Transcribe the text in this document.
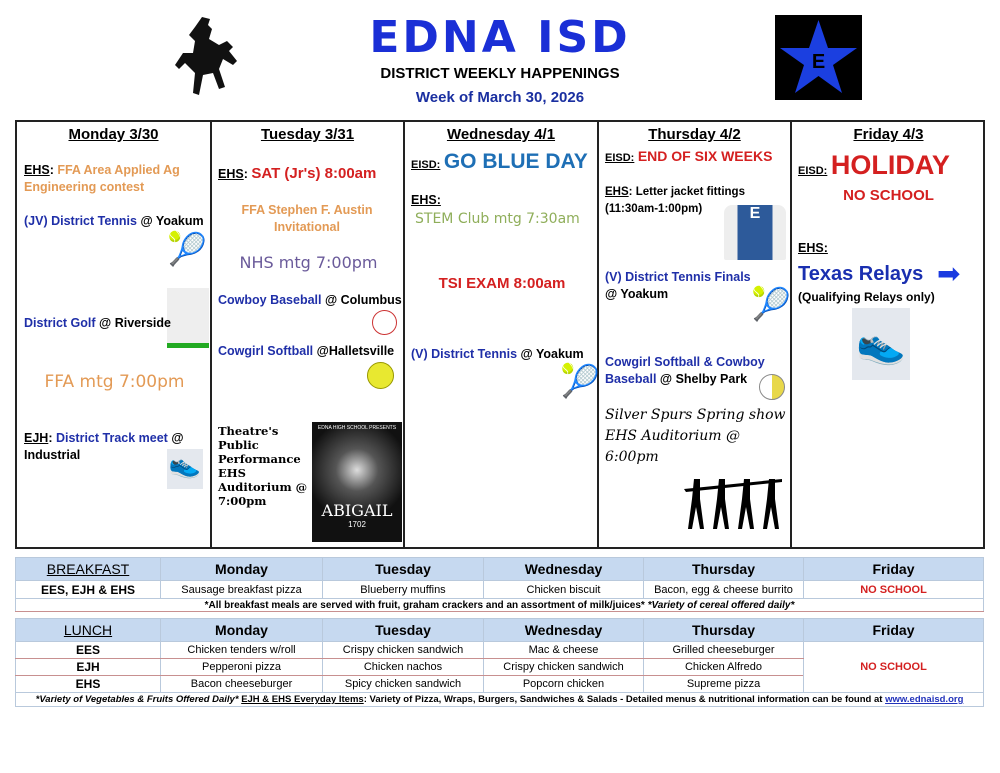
EDNA ISD
DISTRICT WEEKLY HAPPENINGS
Week of March 30, 2026
E
Monday 3/30
EHS: FFA Area Applied Ag Engineering contest
(JV) District Tennis @ Yoakum
🎾
District Golf @ Riverside
FFA mtg 7:00pm
EJH: District Track meet @ Industrial	👟
Tuesday 3/31
EHS: SAT (Jr's) 8:00am
FFA Stephen F. Austin Invitational
NHS mtg 7:00pm
Cowboy Baseball @ Columbus
Cowgirl Softball @Halletsville
Theatre's Public Performance EHS Auditorium @ 7:00pm
EDNA HIGH SCHOOL PRESENTS
ABIGAIL
1702
Wednesday 4/1
EISD: GO BLUE DAY
EHS:
STEM Club mtg 7:30am
TSI EXAM 8:00am
(V) District Tennis @ Yoakum
🎾
Thursday 4/2
EISD: END OF SIX WEEKS
EHS: Letter jacket fittings (11:30am-1:00pm)	E
(V) District Tennis Finals @ Yoakum	🎾
Cowgirl Softball & Cowboy Baseball @ Shelby Park
Silver Spurs Spring show EHS Auditorium @ 6:00pm
Friday 4/3
EISD: HOLIDAY
NO SCHOOL
EHS:
Texas Relays ➡
(Qualifying Relays only)
👟
BREAKFAST	Monday	Tuesday	Wednesday	Thursday	Friday
EES, EJH & EHS	Sausage breakfast pizza	Blueberry muffins	Chicken biscuit	Bacon, egg & cheese burrito	NO SCHOOL
*All breakfast meals are served with fruit, graham crackers and an assortment of milk/juices* *Variety of cereal offered daily*					
LUNCH	Monday	Tuesday	Wednesday	Thursday	Friday
EES	Chicken tenders w/roll	Crispy chicken sandwich	Mac & cheese	Grilled cheeseburger	NO SCHOOL
EJH	Pepperoni pizza	Chicken nachos	Crispy chicken sandwich	Chicken Alfredo	
EHS	Bacon cheeseburger	Spicy chicken sandwich	Popcorn chicken	Supreme pizza	
*Variety of Vegetables & Fruits Offered Daily* EJH & EHS Everyday Items: Variety of Pizza, Wraps, Burgers, Sandwiches & Salads - Detailed menus & nutritional information can be found at www.ednaisd.org					
